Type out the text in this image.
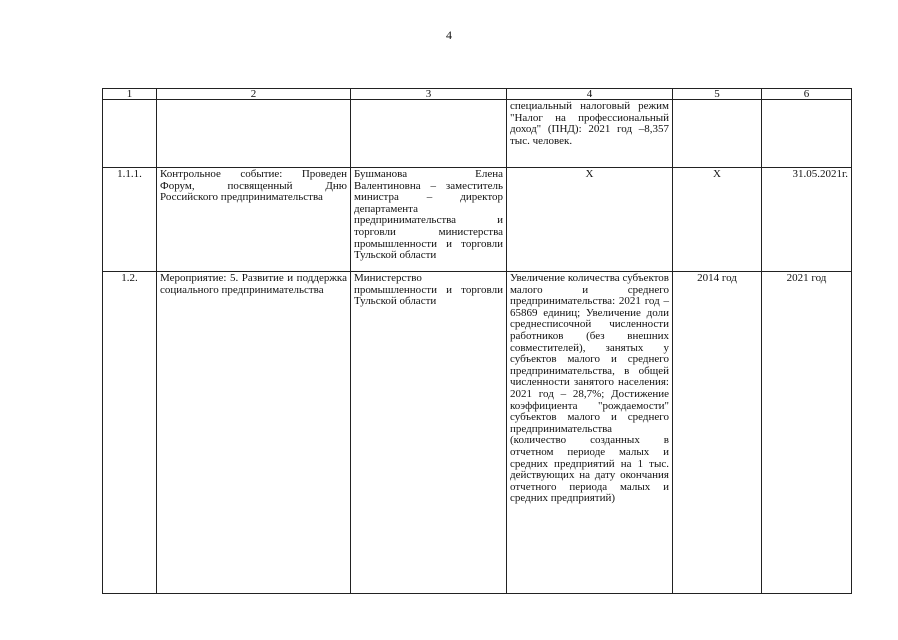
4
1	2	3	4	5	6
			специальный налоговый режим "Налог на профессиональный доход" (ПНД): 2021 год –8,357 тыс. человек.		
1.1.1.	Контрольное событие: Проведен Форум, посвященный Дню Российского предпринимательства	Бушманова Елена Валентиновна – заместитель министра – директор департамента предпринимательства и торговли министерства промышленности и торговли Тульской области	Х	Х	31.05.2021г.
1.2.	Мероприятие: 5. Развитие и поддержка социального предпринимательства	Министерство промышленности и торговли Тульской области	Увеличение количества субъектов малого и среднего предпринимательства: 2021 год – 65869 единиц; Увеличение доли среднесписочной численности работников (без внешних совместителей), занятых у субъектов малого и среднего предпринимательства, в общей численности занятого населения: 2021 год – 28,7%; Достижение коэффициента "рождаемости" субъектов малого и среднего предпринимательства (количество созданных в отчетном периоде малых и средних предприятий на 1 тыс. действующих на дату окончания отчетного периода малых и средних предприятий)	2014 год	2021 год
